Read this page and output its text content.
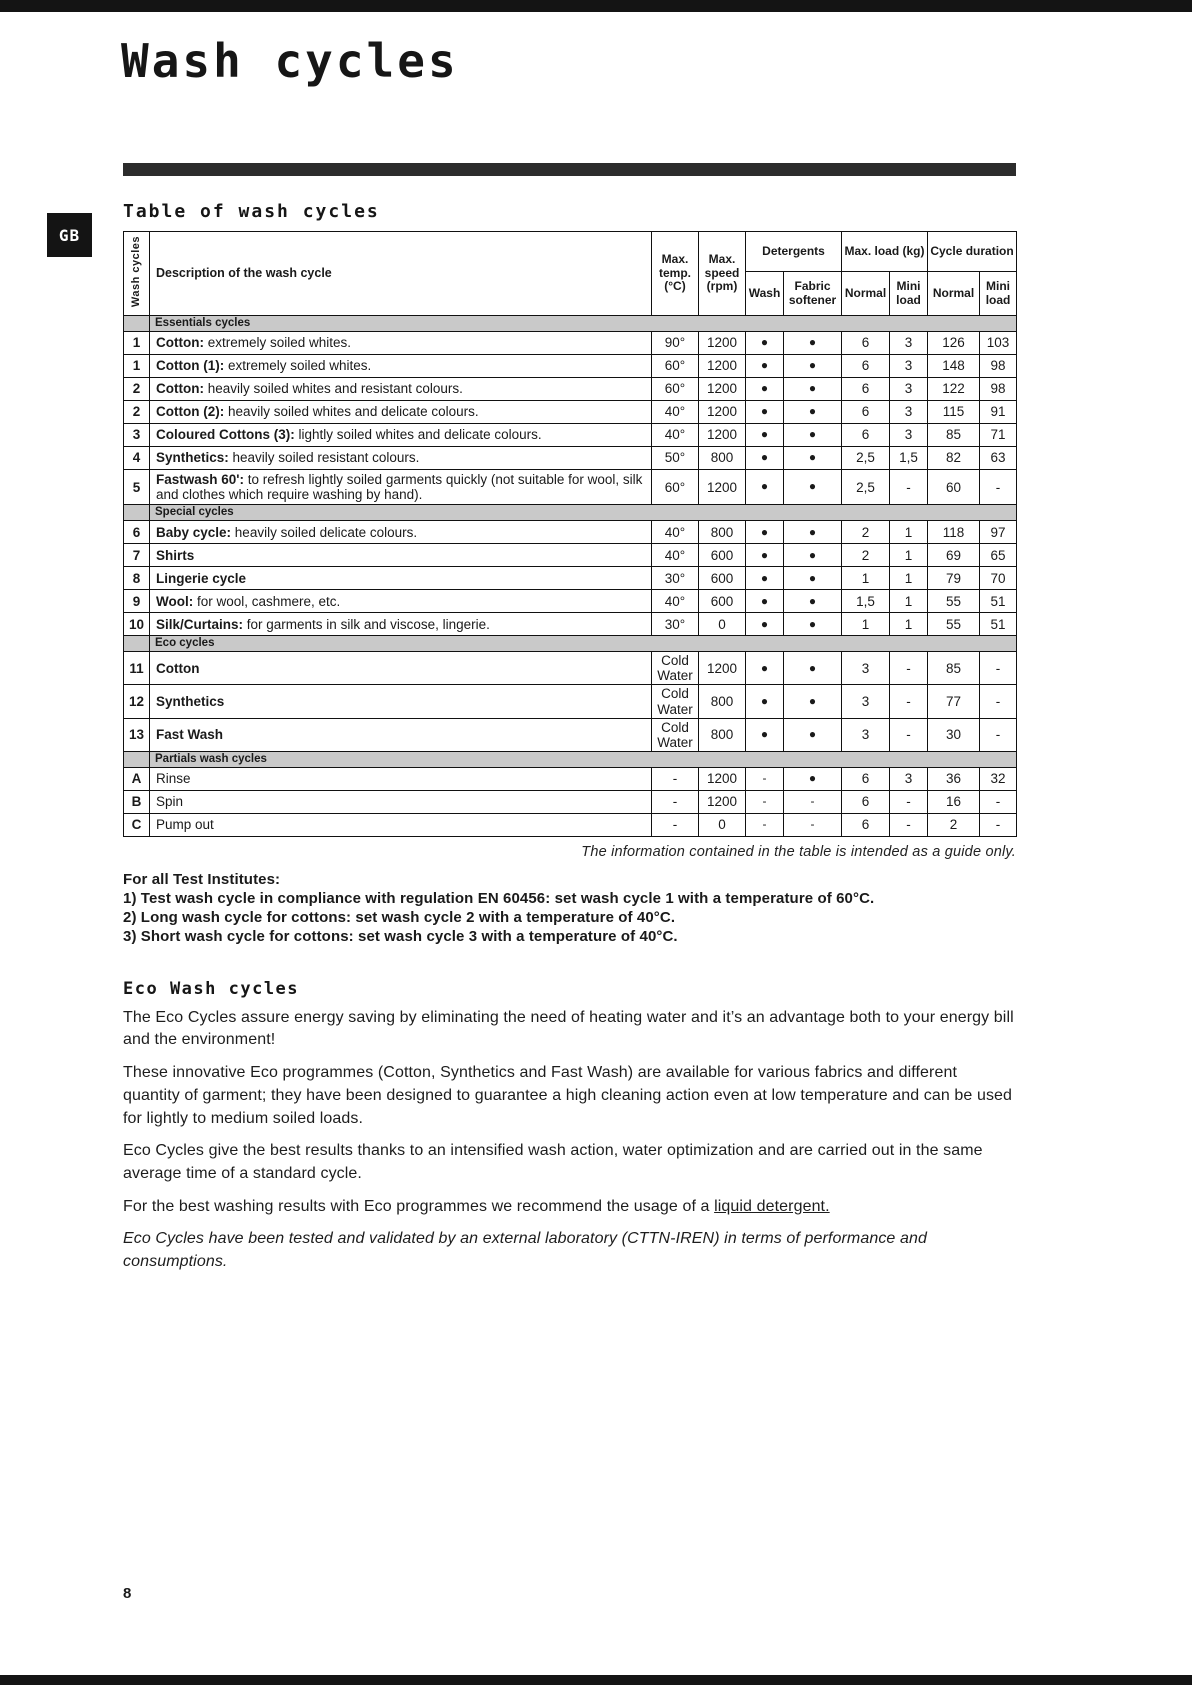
Wash cycles
GB
Table of wash cycles
Wash cycles	Description of the wash cycle	Max. temp. (°C)	Max. speed (rpm)	Detergents		Max. load (kg)		Cycle duration	
				Wash	Fabric softener	Normal	Mini load	Normal	Mini load
	Essentials cycles								
1	Cotton: extremely soiled whites.	90°	1200	●	●	6	3	126	103
1	Cotton (1): extremely soiled whites.	60°	1200	●	●	6	3	148	98
2	Cotton: heavily soiled whites and resistant colours.	60°	1200	●	●	6	3	122	98
2	Cotton (2): heavily soiled whites and delicate colours.	40°	1200	●	●	6	3	115	91
3	Coloured Cottons (3): lightly soiled whites and delicate colours.	40°	1200	●	●	6	3	85	71
4	Synthetics: heavily soiled resistant colours.	50°	800	●	●	2,5	1,5	82	63
5	Fastwash 60': to refresh lightly soiled garments quickly (not suitable for wool, silk and clothes which require washing by hand).	60°	1200	●	●	2,5	-	60	-
	Special cycles								
6	Baby cycle: heavily soiled delicate colours.	40°	800	●	●	2	1	118	97
7	Shirts	40°	600	●	●	2	1	69	65
8	Lingerie cycle	30°	600	●	●	1	1	79	70
9	Wool: for wool, cashmere, etc.	40°	600	●	●	1,5	1	55	51
10	Silk/Curtains: for garments in silk and viscose, lingerie.	30°	0	●	●	1	1	55	51
	Eco cycles								
11	Cotton	Cold Water	1200	●	●	3	-	85	-
12	Synthetics	Cold Water	800	●	●	3	-	77	-
13	Fast Wash	Cold Water	800	●	●	3	-	30	-
	Partials wash cycles								
A	Rinse	-	1200	-	●	6	3	36	32
B	Spin	-	1200	-	-	6	-	16	-
C	Pump out	-	0	-	-	6	-	2	-

The information contained in the table is intended as a guide only.

For all Test Institutes:

1) Test wash cycle in compliance with regulation EN 60456: set wash cycle 1 with a temperature of 60°C.

2) Long wash cycle for cottons: set wash cycle 2 with a temperature of 40°C.

3) Short wash cycle for cottons: set wash cycle 3 with a temperature of 40°C.

Eco Wash cycles

The Eco Cycles assure energy saving by eliminating the need of heating water and it’s an advantage both to your energy bill and the environment!

These innovative Eco programmes (Cotton, Synthetics and Fast Wash) are available for various fabrics and different quantity of garment; they have been designed to guarantee a high cleaning action even at low temperature and can be used for lightly to medium soiled loads.

Eco Cycles give the best results thanks to an intensified wash action, water optimization and are carried out in the same average time of a standard cycle.

For the best washing results with Eco programmes we recommend the usage of a liquid detergent.

Eco Cycles have been tested and validated by an external laboratory (CTTN-IREN) in terms of performance and consumptions.

8
